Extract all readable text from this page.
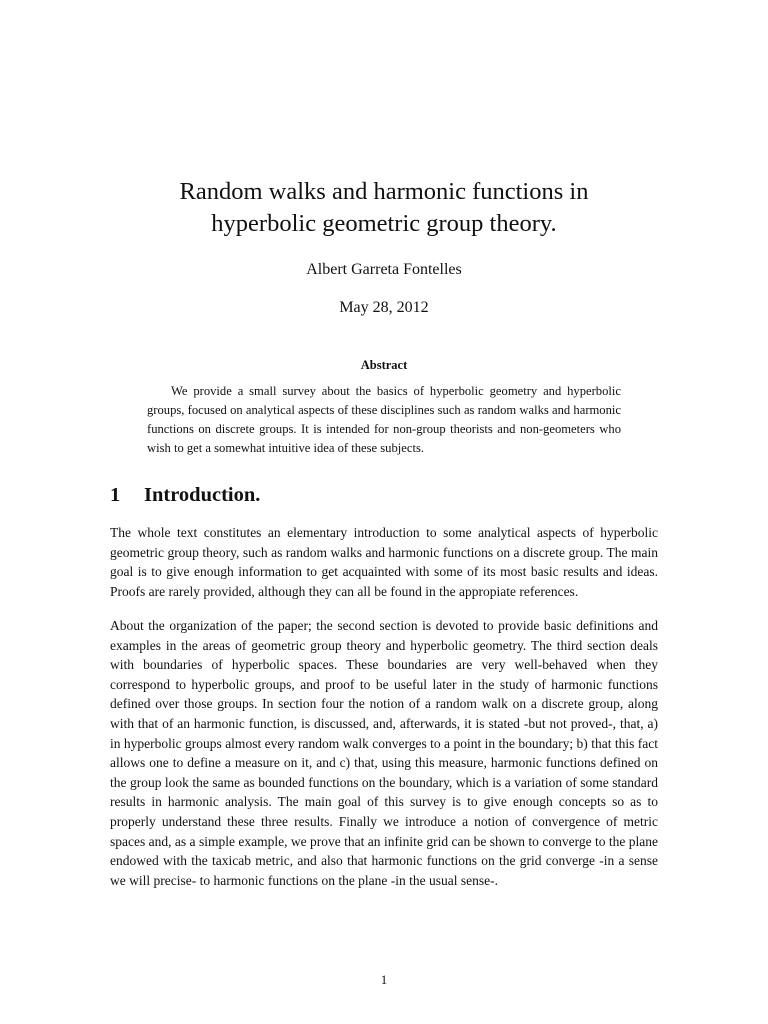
Random walks and harmonic functions in
hyperbolic geometric group theory.
Albert Garreta Fontelles
May 28, 2012
Abstract
We provide a small survey about the basics of hyperbolic geometry and hyperbolic groups, focused on analytical aspects of these disciplines such as random walks and harmonic functions on discrete groups. It is intended for non-group theorists and non-geometers who wish to get a somewhat intuitive idea of these subjects.
1 Introduction.
The whole text constitutes an elementary introduction to some analytical aspects of hyperbolic geometric group theory, such as random walks and harmonic functions on a discrete group. The main goal is to give enough information to get acquainted with some of its most basic results and ideas. Proofs are rarely provided, although they can all be found in the appropiate references.
About the organization of the paper; the second section is devoted to provide basic definitions and examples in the areas of geometric group theory and hyperbolic geometry. The third section deals with boundaries of hyperbolic spaces. These boundaries are very well-behaved when they correspond to hyperbolic groups, and proof to be useful later in the study of harmonic functions defined over those groups. In section four the notion of a random walk on a discrete group, along with that of an harmonic function, is discussed, and, afterwards, it is stated -but not proved-, that, a) in hyperbolic groups almost every random walk converges to a point in the boundary; b) that this fact allows one to define a measure on it, and c) that, using this measure, harmonic functions defined on the group look the same as bounded functions on the boundary, which is a variation of some standard results in harmonic analysis. The main goal of this survey is to give enough concepts so as to properly understand these three results. Finally we introduce a notion of convergence of metric spaces and, as a simple example, we prove that an infinite grid can be shown to converge to the plane endowed with the taxicab metric, and also that harmonic functions on the grid converge -in a sense we will precise- to harmonic functions on the plane -in the usual sense-.
1
